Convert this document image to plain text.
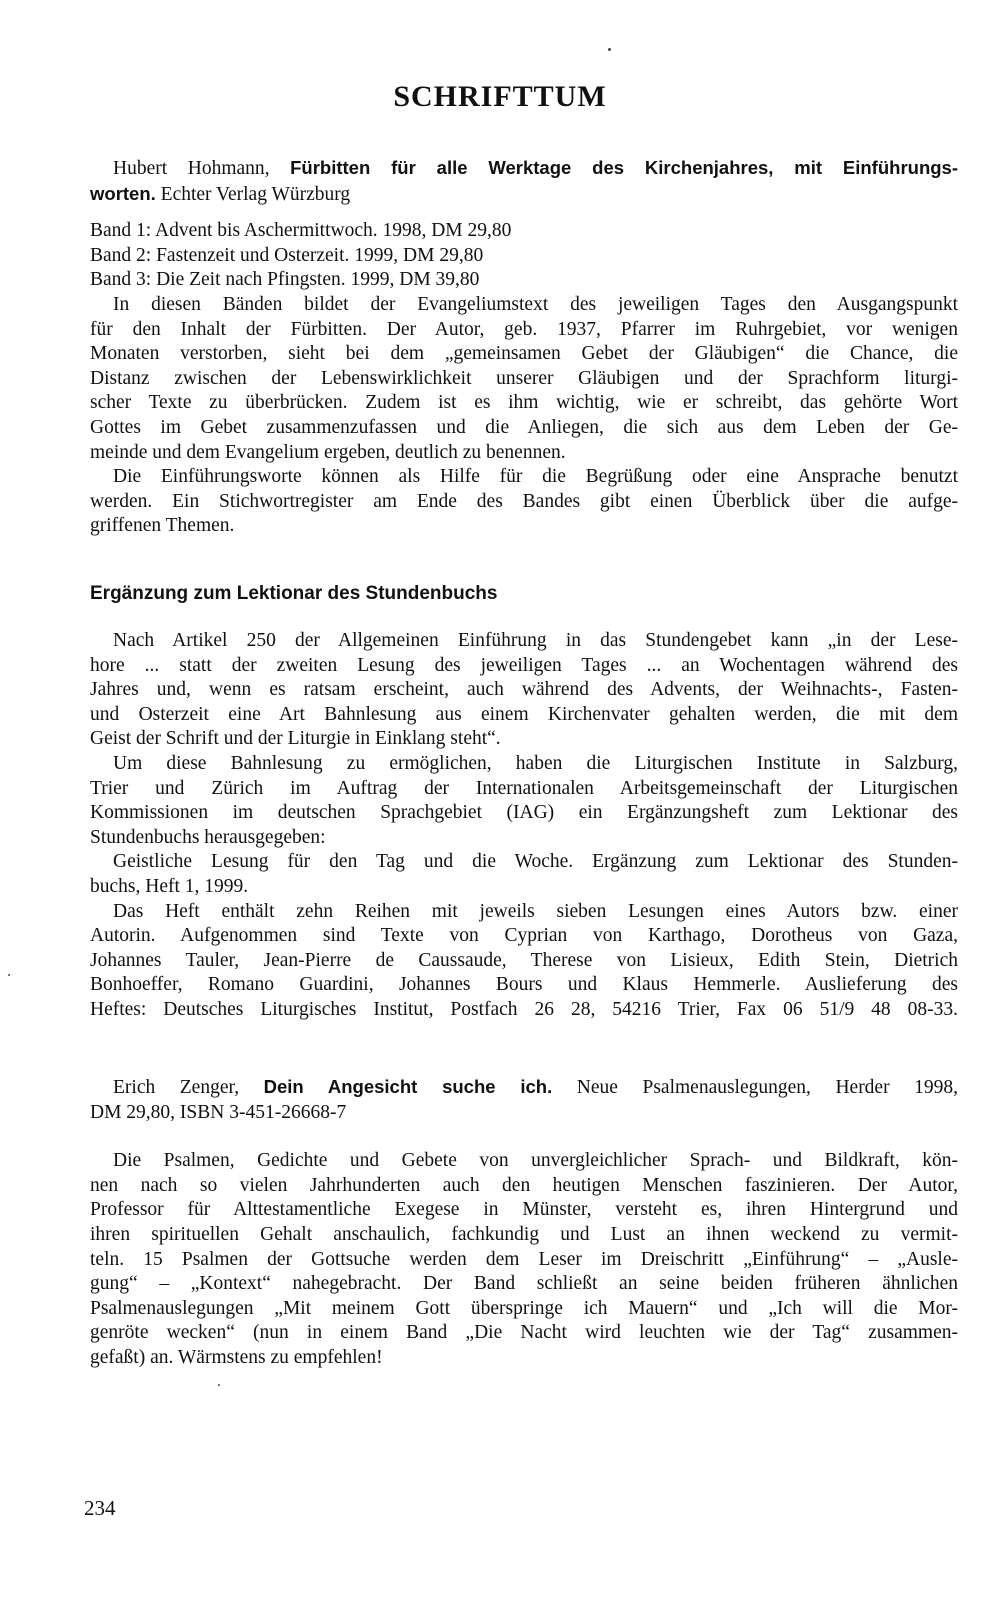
SCHRIFTTUM
Hubert Hohmann, Fürbitten für alle Werktage des Kirchenjahres, mit Einführungs-
worten. Echter Verlag Würzburg
Band 1: Advent bis Aschermittwoch. 1998, DM 29,80
Band 2: Fastenzeit und Osterzeit. 1999, DM 29,80
Band 3: Die Zeit nach Pfingsten. 1999, DM 39,80
In diesen Bänden bildet der Evangeliumstext des jeweiligen Tages den Ausgangspunkt
für den Inhalt der Fürbitten. Der Autor, geb. 1937, Pfarrer im Ruhrgebiet, vor wenigen
Monaten verstorben, sieht bei dem „gemeinsamen Gebet der Gläubigen“ die Chance, die
Distanz zwischen der Lebenswirklichkeit unserer Gläubigen und der Sprachform liturgi-
scher Texte zu überbrücken. Zudem ist es ihm wichtig, wie er schreibt, das gehörte Wort
Gottes im Gebet zusammenzufassen und die Anliegen, die sich aus dem Leben der Ge-
meinde und dem Evangelium ergeben, deutlich zu benennen.
Die Einführungsworte können als Hilfe für die Begrüßung oder eine Ansprache benutzt
werden. Ein Stichwortregister am Ende des Bandes gibt einen Überblick über die aufge-
griffenen Themen.
Ergänzung zum Lektionar des Stundenbuchs
Nach Artikel 250 der Allgemeinen Einführung in das Stundengebet kann „in der Lese-
hore ... statt der zweiten Lesung des jeweiligen Tages ... an Wochentagen während des
Jahres und, wenn es ratsam erscheint, auch während des Advents, der Weihnachts-, Fasten-
und Osterzeit eine Art Bahnlesung aus einem Kirchenvater gehalten werden, die mit dem
Geist der Schrift und der Liturgie in Einklang steht“.
Um diese Bahnlesung zu ermöglichen, haben die Liturgischen Institute in Salzburg,
Trier und Zürich im Auftrag der Internationalen Arbeitsgemeinschaft der Liturgischen
Kommissionen im deutschen Sprachgebiet (IAG) ein Ergänzungsheft zum Lektionar des
Stundenbuchs herausgegeben:
Geistliche Lesung für den Tag und die Woche. Ergänzung zum Lektionar des Stunden-
buchs, Heft 1, 1999.
Das Heft enthält zehn Reihen mit jeweils sieben Lesungen eines Autors bzw. einer
Autorin. Aufgenommen sind Texte von Cyprian von Karthago, Dorotheus von Gaza,
Johannes Tauler, Jean-Pierre de Caussaude, Therese von Lisieux, Edith Stein, Dietrich
Bonhoeffer, Romano Guardini, Johannes Bours und Klaus Hemmerle. Auslieferung des
Heftes: Deutsches Liturgisches Institut, Postfach 26 28, 54216 Trier, Fax 06 51/9 48 08-33.
Erich Zenger, Dein Angesicht suche ich. Neue Psalmenauslegungen, Herder 1998,
DM 29,80, ISBN 3-451-26668-7
Die Psalmen, Gedichte und Gebete von unvergleichlicher Sprach- und Bildkraft, kön-
nen nach so vielen Jahrhunderten auch den heutigen Menschen faszinieren. Der Autor,
Professor für Alttestamentliche Exegese in Münster, versteht es, ihren Hintergrund und
ihren spirituellen Gehalt anschaulich, fachkundig und Lust an ihnen weckend zu vermit-
teln. 15 Psalmen der Gottsuche werden dem Leser im Dreischritt „Einführung“ – „Ausle-
gung“ – „Kontext“ nahegebracht. Der Band schließt an seine beiden früheren ähnlichen
Psalmenauslegungen „Mit meinem Gott überspringe ich Mauern“ und „Ich will die Mor-
genröte wecken“ (nun in einem Band „Die Nacht wird leuchten wie der Tag“ zusammen-
gefaßt) an. Wärmstens zu empfehlen!
234
